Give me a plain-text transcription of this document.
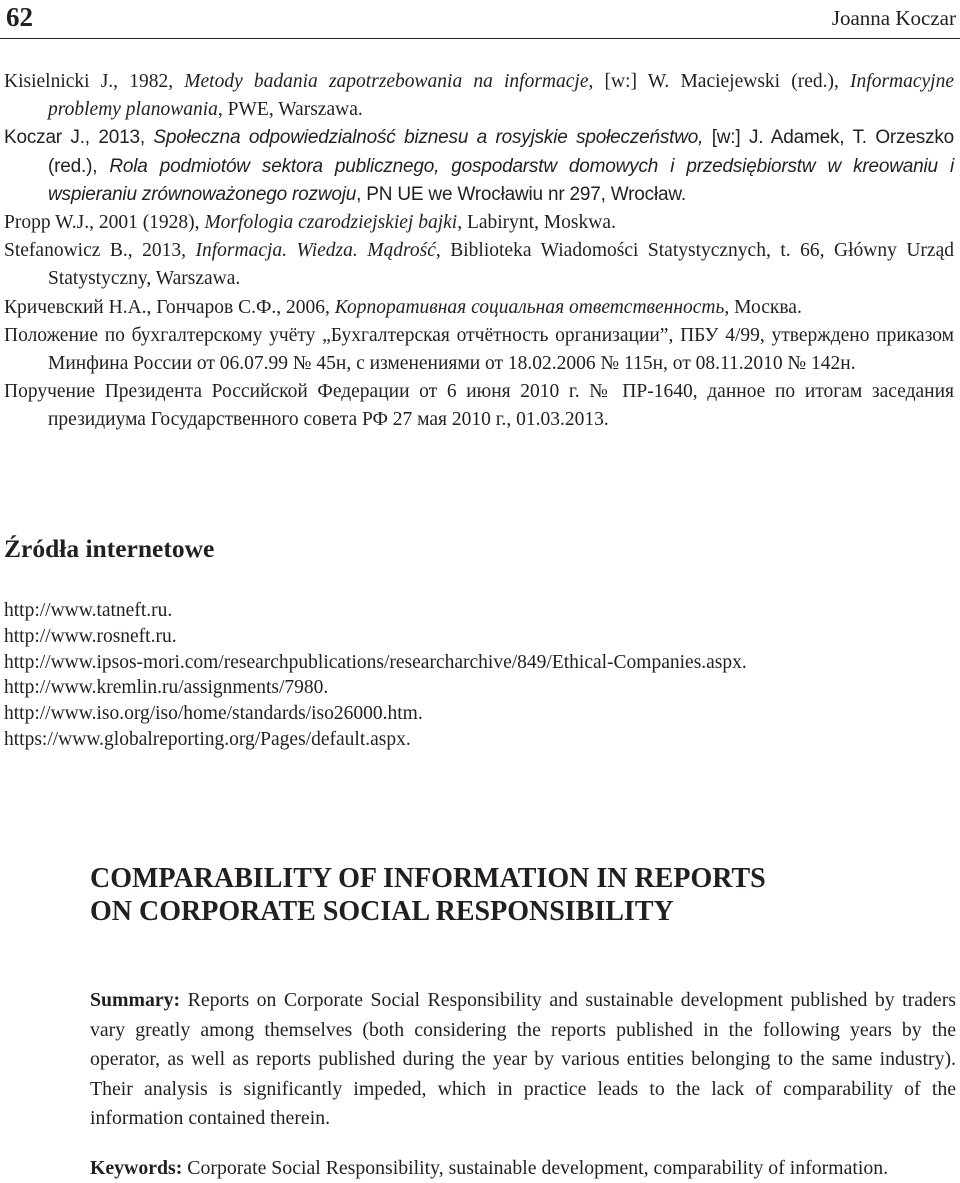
62	Joanna Koczar

Kisielnicki J., 1982, Metody badania zapotrzebowania na informacje, [w:] W. Maciejewski (red.), Informacyjne problemy planowania, PWE, Warszawa.

Koczar J., 2013, Społeczna odpowiedzialność biznesu a rosyjskie społeczeństwo, [w:] J. Adamek, T. Orzeszko (red.), Rola podmiotów sektora publicznego, gospodarstw domowych i przedsiębiorstw w kreowaniu i wspieraniu zrównoważonego rozwoju, PN UE we Wrocławiu nr 297, Wrocław.

Propp W.J., 2001 (1928), Morfologia czarodziejskiej bajki, Labirynt, Moskwa.

Stefanowicz B., 2013, Informacja. Wiedza. Mądrość, Biblioteka Wiadomości Statystycznych, t. 66, Główny Urząd Statystyczny, Warszawa.

Кричевский Н.А., Гончаров С.Ф., 2006, Корпоративная социальная ответственность, Москва.

Положение по бухгалтерскому учёту „Бухгалтерская отчётность организации”, ПБУ 4/99, утверждено приказом Минфина России от 06.07.99 № 45н, с изменениями от 18.02.2006 № 115н, от 08.11.2010 № 142н.

Поручение Президента Российской Федерации от 6 июня 2010 г. № ПР-1640, данное по итогам заседания президиума Государственного совета РФ 27 мая 2010 г., 01.03.2013.

Źródła internetowe
http://www.tatneft.ru.
http://www.rosneft.ru.
http://www.ipsos-mori.com/researchpublications/researcharchive/849/Ethical-Companies.aspx.
http://www.kremlin.ru/assignments/7980.
http://www.iso.org/iso/home/standards/iso26000.htm.
https://www.globalreporting.org/Pages/default.aspx.
COMPARABILITY OF INFORMATION IN REPORTS
ON CORPORATE SOCIAL RESPONSIBILITY

Summary: Reports on Corporate Social Responsibility and sustainable development published by traders vary greatly among themselves (both considering the reports published in the following years by the operator, as well as reports published during the year by various entities belonging to the same industry). Their analysis is significantly impeded, which in practice leads to the lack of comparability of the information contained therein.

Keywords: Corporate Social Responsibility, sustainable development, comparability of information.
